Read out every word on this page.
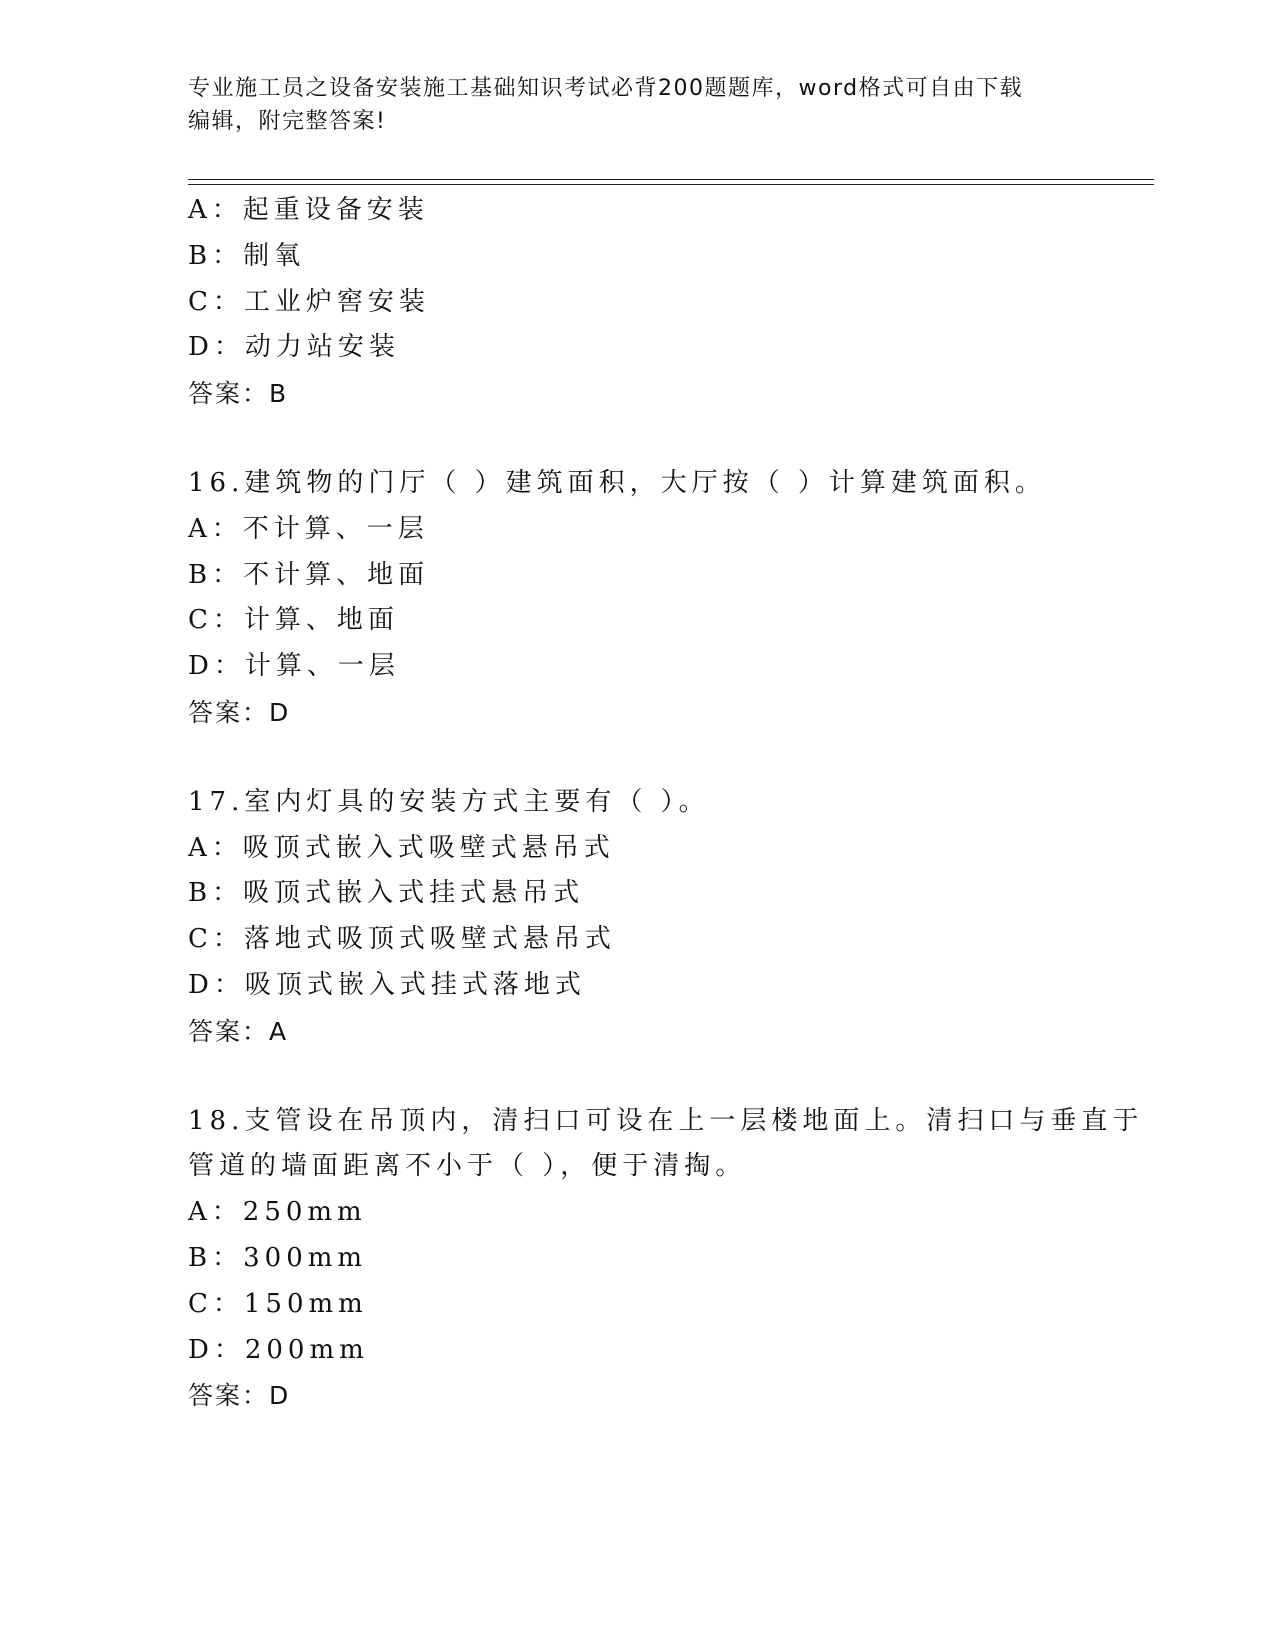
专业施工员之设备安装施工基础知识考试必背200题题库，word格式可自由下载
编辑，附完整答案!
A：起重设备安装
B：制氧
C：工业炉窖安装
D：动力站安装
答案：B
16.建筑物的门厅（ ）建筑面积，大厅按（ ）计算建筑面积。
A：不计算、一层
B：不计算、地面
C：计算、地面
D：计算、一层
答案：D
17.室内灯具的安装方式主要有（ ）。
A：吸顶式嵌入式吸壁式悬吊式
B：吸顶式嵌入式挂式悬吊式
C：落地式吸顶式吸壁式悬吊式
D：吸顶式嵌入式挂式落地式
答案：A
18.支管设在吊顶内，清扫口可设在上一层楼地面上。清扫口与垂直于
管道的墙面距离不小于（ ），便于清掏。
A：250mm
B：300mm
C：150mm
D：200mm
答案：D
